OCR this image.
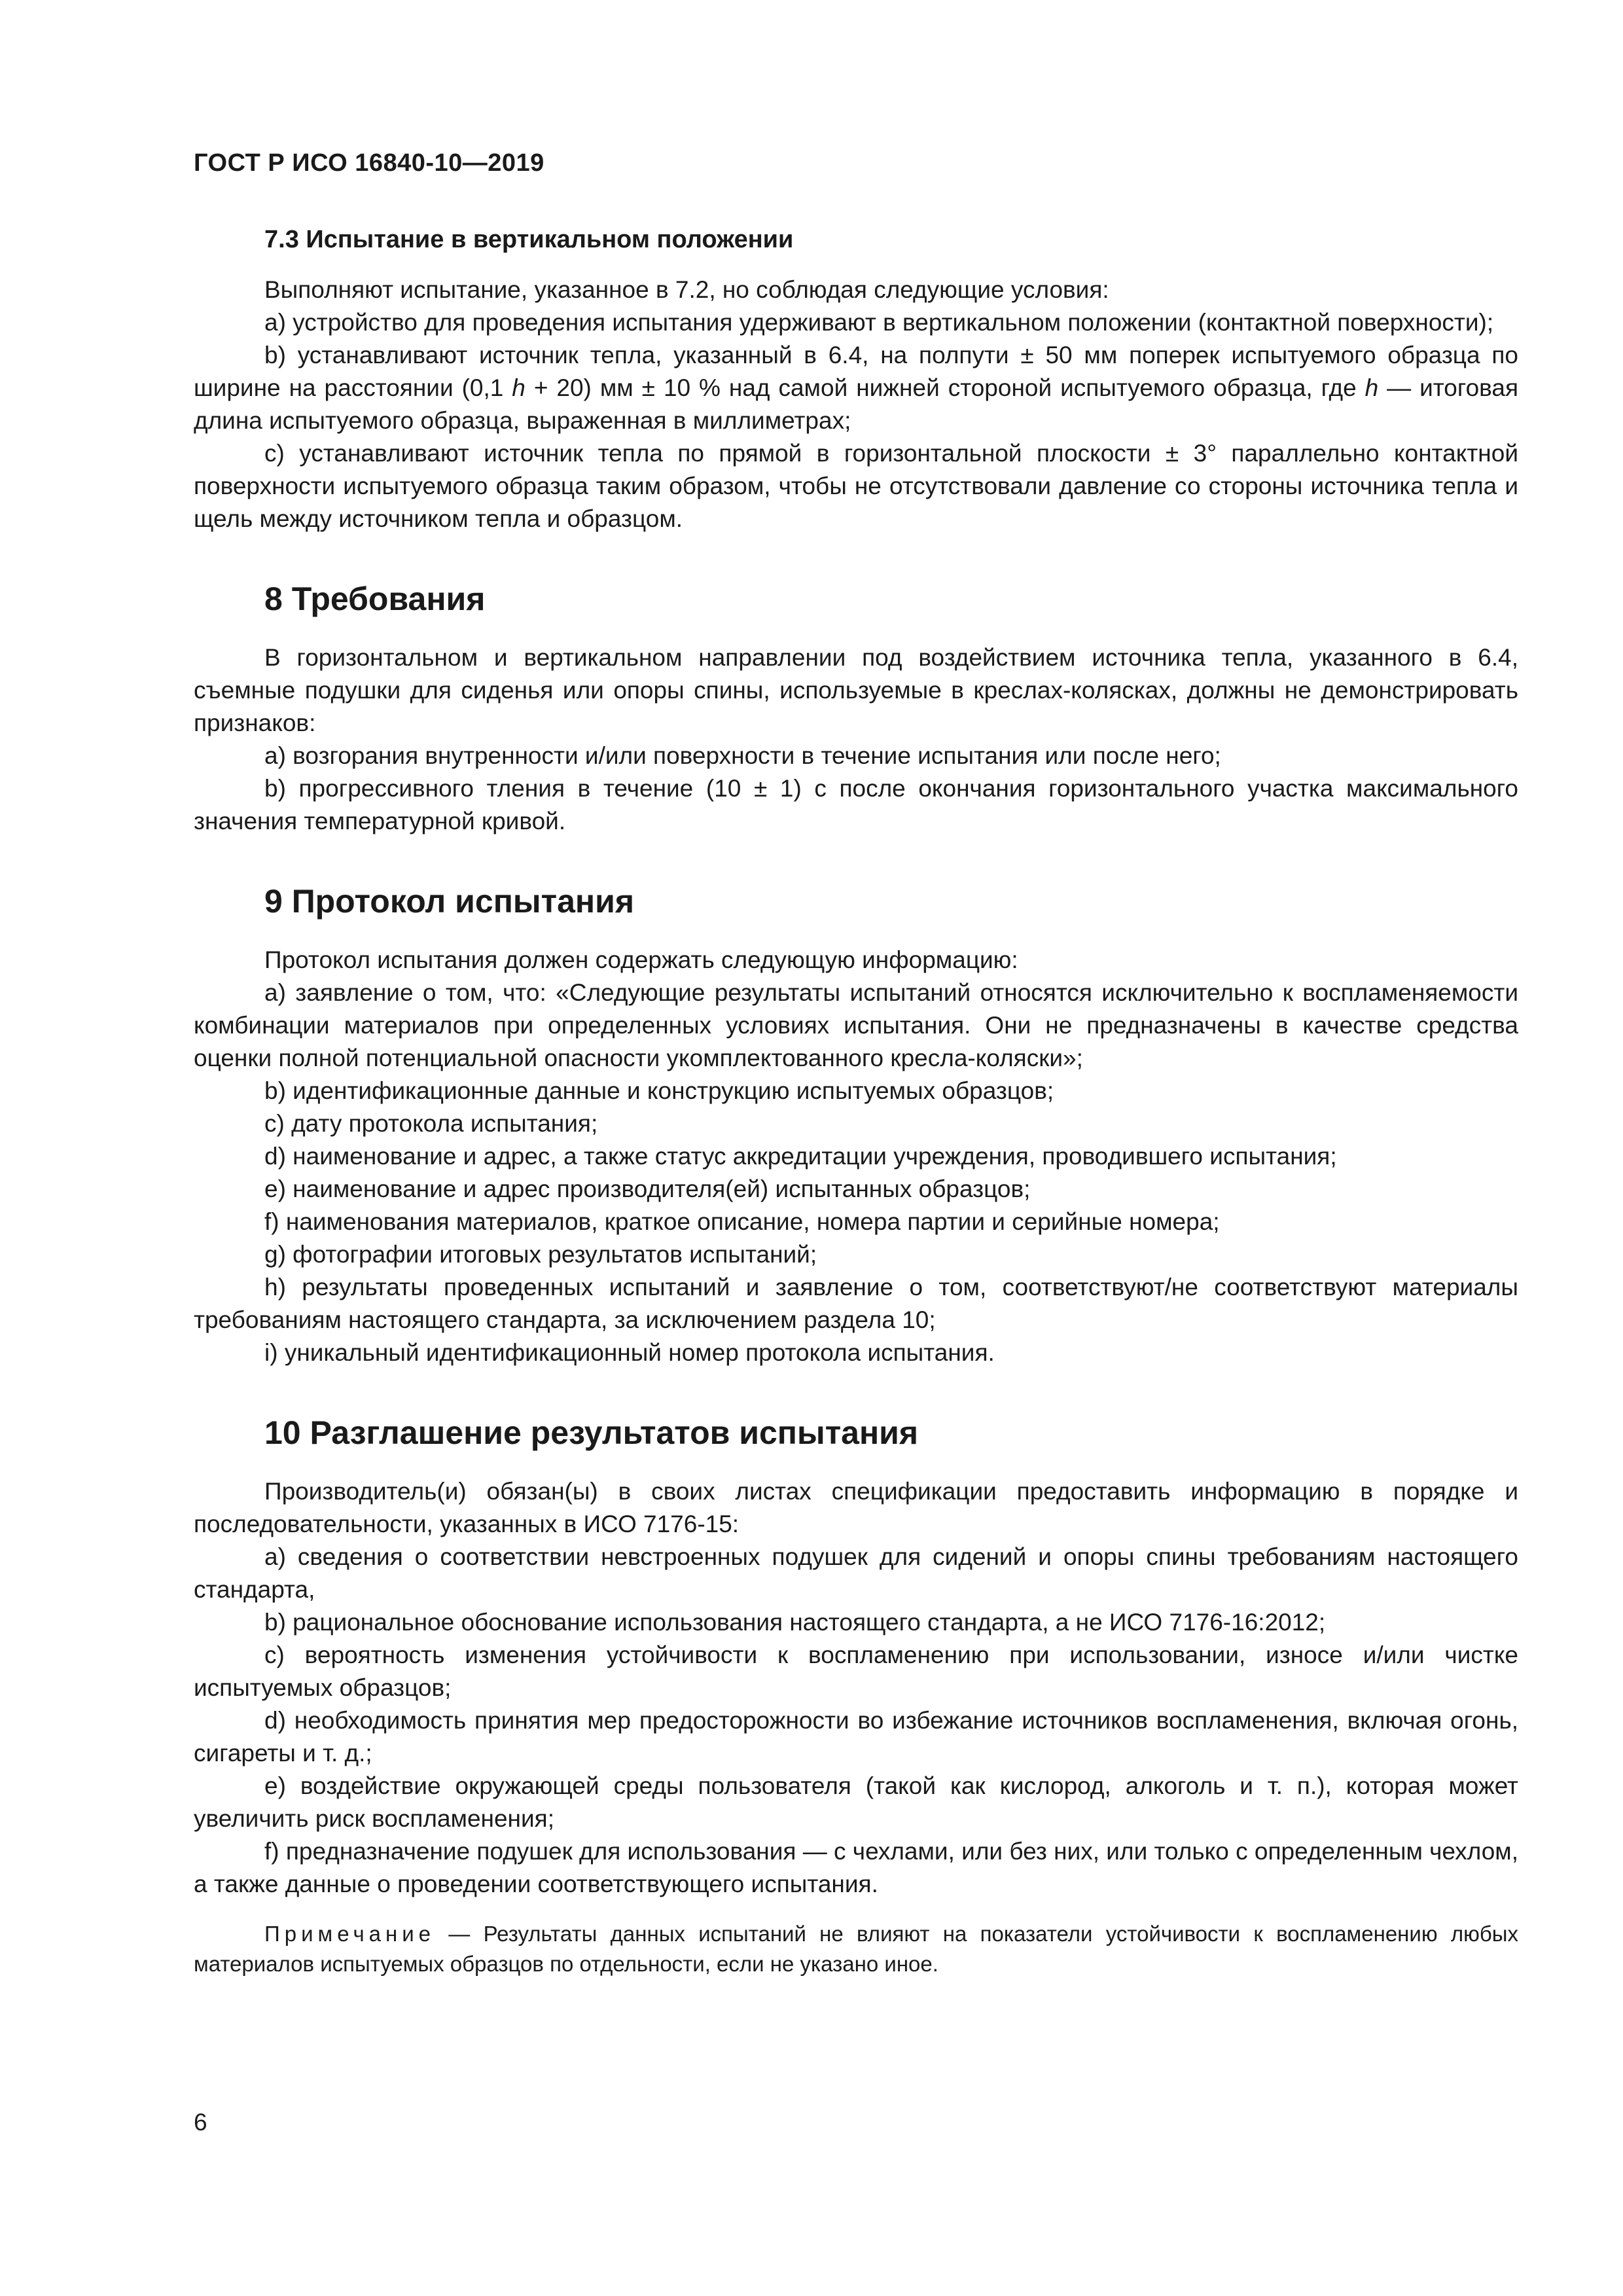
ГОСТ Р ИСО 16840-10—2019
7.3 Испытание в вертикальном положении

Выполняют испытание, указанное в 7.2, но соблюдая следующие условия:

a) устройство для проведения испытания удерживают в вертикальном положении (контактной поверхности);

b) устанавливают источник тепла, указанный в 6.4, на полпути ± 50 мм поперек испытуемого образца по ширине на расстоянии (0,1 h + 20) мм ± 10 % над самой нижней стороной испытуемого образца, где h — итоговая длина испытуемого образца, выраженная в миллиметрах;

c) устанавливают источник тепла по прямой в горизонтальной плоскости ± 3° параллельно контактной поверхности испытуемого образца таким образом, чтобы не отсутствовали давление со стороны источника тепла и щель между источником тепла и образцом.

8 Требования

В горизонтальном и вертикальном направлении под воздействием источника тепла, указанного в 6.4, съемные подушки для сиденья или опоры спины, используемые в креслах-колясках, должны не демонстрировать признаков:

a) возгорания внутренности и/или поверхности в течение испытания или после него;

b) прогрессивного тления в течение (10 ± 1) с после окончания горизонтального участка максимального значения температурной кривой.

9 Протокол испытания

Протокол испытания должен содержать следующую информацию:

a) заявление о том, что: «Следующие результаты испытаний относятся исключительно к воспламеняемости комбинации материалов при определенных условиях испытания. Они не предназначены в качестве средства оценки полной потенциальной опасности укомплектованного кресла-коляски»;

b) идентификационные данные и конструкцию испытуемых образцов;

c) дату протокола испытания;

d) наименование и адрес, а также статус аккредитации учреждения, проводившего испытания;

e) наименование и адрес производителя(ей) испытанных образцов;

f) наименования материалов, краткое описание, номера партии и серийные номера;

g) фотографии итоговых результатов испытаний;

h) результаты проведенных испытаний и заявление о том, соответствуют/не соответствуют материалы требованиям настоящего стандарта, за исключением раздела 10;

i) уникальный идентификационный номер протокола испытания.

10 Разглашение результатов испытания

Производитель(и) обязан(ы) в своих листах спецификации предоставить информацию в порядке и последовательности, указанных в ИСО 7176-15:

a) сведения о соответствии невстроенных подушек для сидений и опоры спины требованиям настоящего стандарта,

b) рациональное обоснование использования настоящего стандарта, а не ИСО 7176-16:2012;

c) вероятность изменения устойчивости к воспламенению при использовании, износе и/или чистке испытуемых образцов;

d) необходимость принятия мер предосторожности во избежание источников воспламенения, включая огонь, сигареты и т. д.;

e) воздействие окружающей среды пользователя (такой как кислород, алкоголь и т. п.), которая может увеличить риск воспламенения;

f) предназначение подушек для использования — с чехлами, или без них, или только с определенным чехлом, а также данные о проведении соответствующего испытания.

Примечание — Результаты данных испытаний не влияют на показатели устойчивости к воспламенению любых материалов испытуемых образцов по отдельности, если не указано иное.
6
